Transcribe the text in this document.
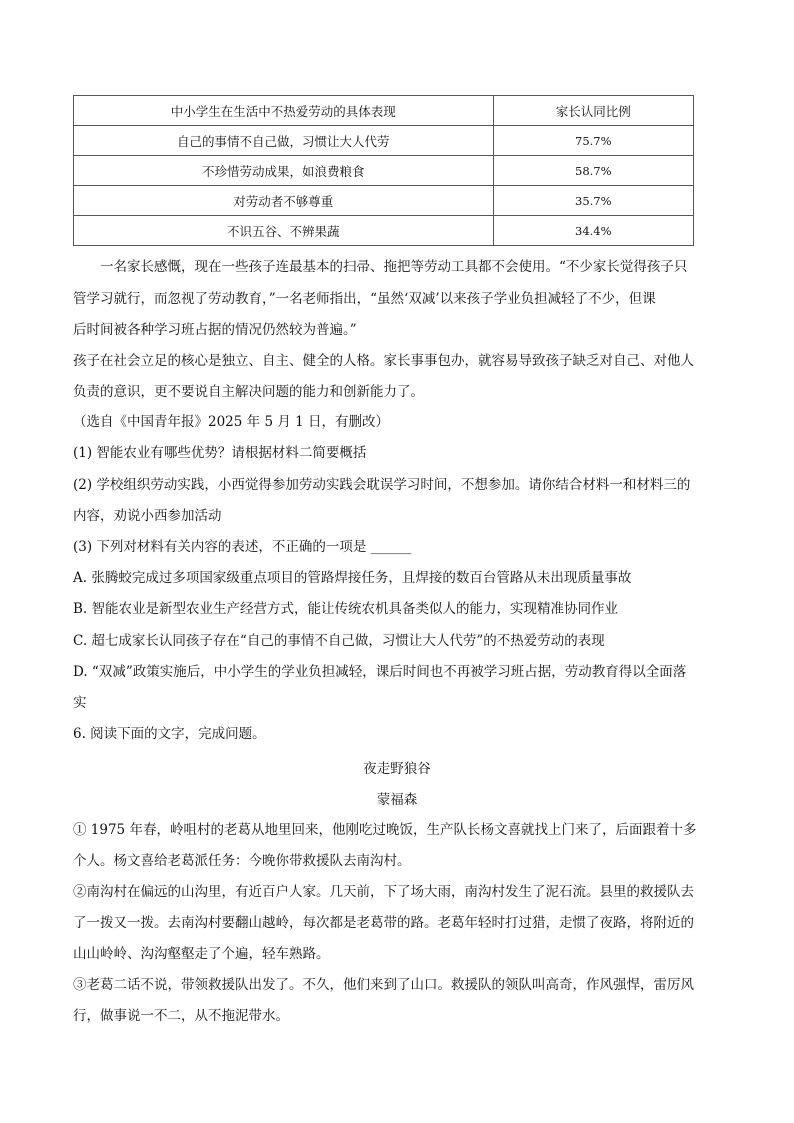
中小学生在生活中不热爱劳动的具体表现	家长认同比例
自己的事情不自己做，习惯让大人代劳	75.7%
不珍惜劳动成果，如浪费粮食	58.7%
对劳动者不够尊重	35.7%
不识五谷、不辨果蔬	34.4%
一名家长感慨，现在一些孩子连最基本的扫帚、拖把等劳动工具都不会使用。“不少家长觉得孩子只
管学习就行，而忽视了劳动教育，”一名老师指出，“虽然‘双减’以来孩子学业负担减轻了不少，但课
后时间被各种学习班占据的情况仍然较为普遍。”
孩子在社会立足的核心是独立、自主、健全的人格。家长事事包办，就容易导致孩子缺乏对自己、对他人
负责的意识，更不要说自主解决问题的能力和创新能力了。
（选自《中国青年报》2025 年 5 月 1 日，有删改）
(1) 智能农业有哪些优势？请根据材料二简要概括
(2) 学校组织劳动实践，小西觉得参加劳动实践会耽误学习时间，不想参加。请你结合材料一和材料三的
内容，劝说小西参加活动
(3) 下列对材料有关内容的表述，不正确的一项是 ______
A. 张腾蛟完成过多项国家级重点项目的管路焊接任务，且焊接的数百台管路从未出现质量事故
B. 智能农业是新型农业生产经营方式，能让传统农机具备类似人的能力，实现精准协同作业
C. 超七成家长认同孩子存在“自己的事情不自己做，习惯让大人代劳”的不热爱劳动的表现
D. “双减”政策实施后，中小学生的学业负担减轻，课后时间也不再被学习班占据，劳动教育得以全面落
实
6. 阅读下面的文字，完成问题。
夜走野狼谷
蒙福森
① 1975 年春，岭咀村的老葛从地里回来，他刚吃过晚饭，生产队长杨文喜就找上门来了，后面跟着十多
个人。杨文喜给老葛派任务：今晚你带救援队去南沟村。
②南沟村在偏远的山沟里，有近百户人家。几天前，下了场大雨，南沟村发生了泥石流。县里的救援队去
了一拨又一拨。去南沟村要翻山越岭，每次都是老葛带的路。老葛年轻时打过猎，走惯了夜路，将附近的
山山岭岭、沟沟壑壑走了个遍，轻车熟路。
③老葛二话不说，带领救援队出发了。不久，他们来到了山口。救援队的领队叫高奇，作风强悍，雷厉风
行，做事说一不二，从不拖泥带水。
